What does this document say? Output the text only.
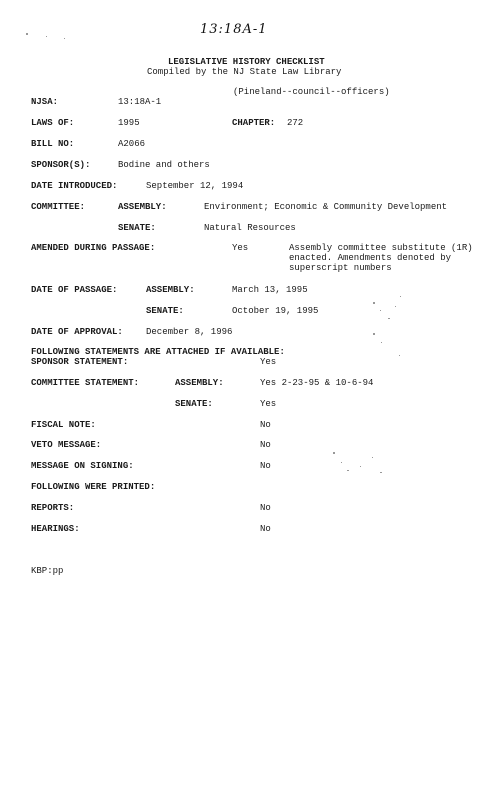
13:18A-1
LEGISLATIVE HISTORY CHECKLIST
Compiled by the NJ State Law Library
(Pineland--council--officers)
NJSA:	13:18A-1
LAWS OF:	1995	CHAPTER: 272
BILL NO:	A2066
SPONSOR(S):	Bodine and others
DATE INTRODUCED:	September 12, 1994
COMMITTEE:	ASSEMBLY:	Environment; Economic & Community Development
SENATE:	Natural Resources
AMENDED DURING PASSAGE:	Yes	Assembly committee substitute (1R)
enacted. Amendments denoted by
superscript numbers
DATE OF PASSAGE:	ASSEMBLY:	March 13, 1995
SENATE:	October 19, 1995
DATE OF APPROVAL:	December 8, 1996
FOLLOWING STATEMENTS ARE ATTACHED IF AVAILABLE:
SPONSOR STATEMENT:	Yes
COMMITTEE STATEMENT:	ASSEMBLY:	Yes 2-23-95 & 10-6-94
SENATE:	Yes
FISCAL NOTE:	No
VETO MESSAGE:	No
MESSAGE ON SIGNING:	No
FOLLOWING WERE PRINTED:
REPORTS:	No
HEARINGS:	No
KBP:pp
